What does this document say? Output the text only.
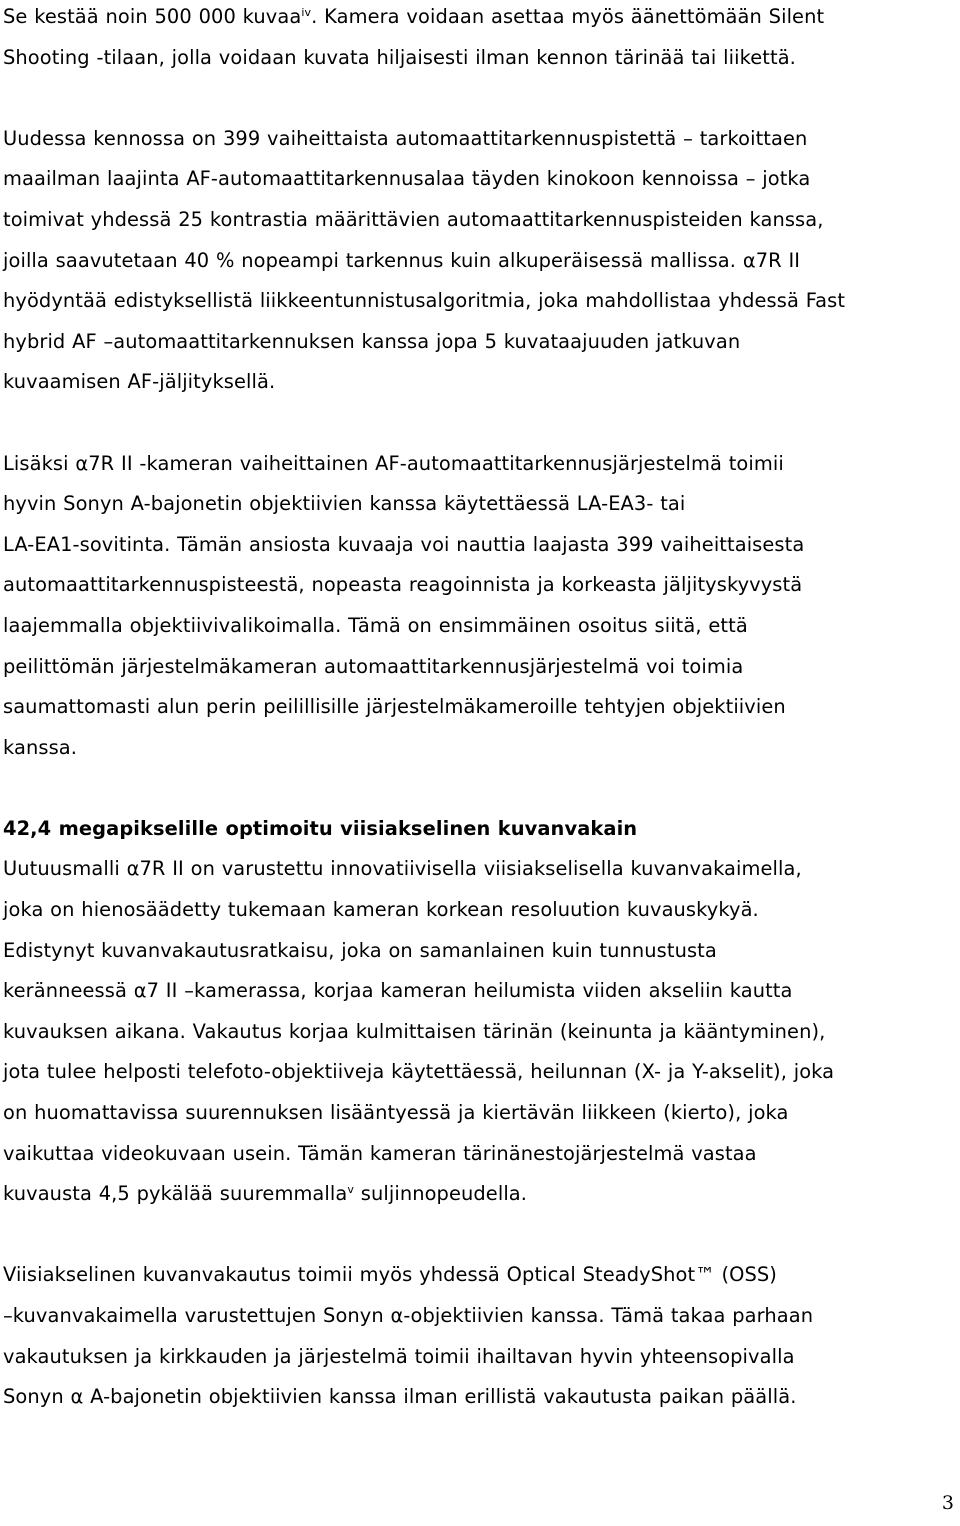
Se kestää noin 500 000 kuvaa$^{iv}$. Kamera voidaan asettaa myös äänettömään Silent

Shooting -tilaan, jolla voidaan kuvata hiljaisesti ilman kennon tärinää tai liikettä.

Uudessa kennossa on 399 vaiheittaista automaattitarkennuspistettä – tarkoittaen

maailman laajinta AF-automaattitarkennusalaa täyden kinokoon kennoissa – jotka

toimivat yhdessä 25 kontrastia määrittävien automaattitarkennuspisteiden kanssa,

joilla saavutetaan 40 % nopeampi tarkennus kuin alkuperäisessä mallissa. α7R II

hyödyntää edistyksellistä liikkeentunnistusalgoritmia, joka mahdollistaa yhdessä Fast

hybrid AF –automaattitarkennuksen kanssa jopa 5 kuvataajuuden jatkuvan

kuvaamisen AF-jäljityksellä.

Lisäksi α7R II -kameran vaiheittainen AF-automaattitarkennusjärjestelmä toimii

hyvin Sonyn A-bajonetin objektiivien kanssa käytettäessä LA-EA3- tai

LA-EA1-sovitinta. Tämän ansiosta kuvaaja voi nauttia laajasta 399 vaiheittaisesta

automaattitarkennuspisteestä, nopeasta reagoinnista ja korkeasta jäljityskyvystä

laajemmalla objektiivivalikoimalla. Tämä on ensimmäinen osoitus siitä, että

peilittömän järjestelmäkameran automaattitarkennusjärjestelmä voi toimia

saumattomasti alun perin peilillisille järjestelmäkameroille tehtyjen objektiivien

kanssa.

42,4 megapikselille optimoitu viisiakselinen kuvanvakain

Uutuusmalli α7R II on varustettu innovatiivisella viisiakselisella kuvanvakaimella,

joka on hienosäädetty tukemaan kameran korkean resoluution kuvauskykyä.

Edistynyt kuvanvakautusratkaisu, joka on samanlainen kuin tunnustusta

keränneessä α7 II –kamerassa, korjaa kameran heilumista viiden akseliin kautta

kuvauksen aikana. Vakautus korjaa kulmittaisen tärinän (keinunta ja kääntyminen),

jota tulee helposti telefoto-objektiiveja käytettäessä, heilunnan (X- ja Y-akselit), joka

on huomattavissa suurennuksen lisääntyessä ja kiertävän liikkeen (kierto), joka

vaikuttaa videokuvaan usein. Tämän kameran tärinänestojärjestelmä vastaa

kuvausta 4,5 pykälää suuremmalla$^v$ suljinnopeudella.

Viisiakselinen kuvanvakautus toimii myös yhdessä Optical SteadyShot™ (OSS)

–kuvanvakaimella varustettujen Sonyn α-objektiivien kanssa. Tämä takaa parhaan

vakautuksen ja kirkkauden ja järjestelmä toimii ihailtavan hyvin yhteensopivalla

Sonyn α A-bajonetin objektiivien kanssa ilman erillistä vakautusta paikan päällä.

3
